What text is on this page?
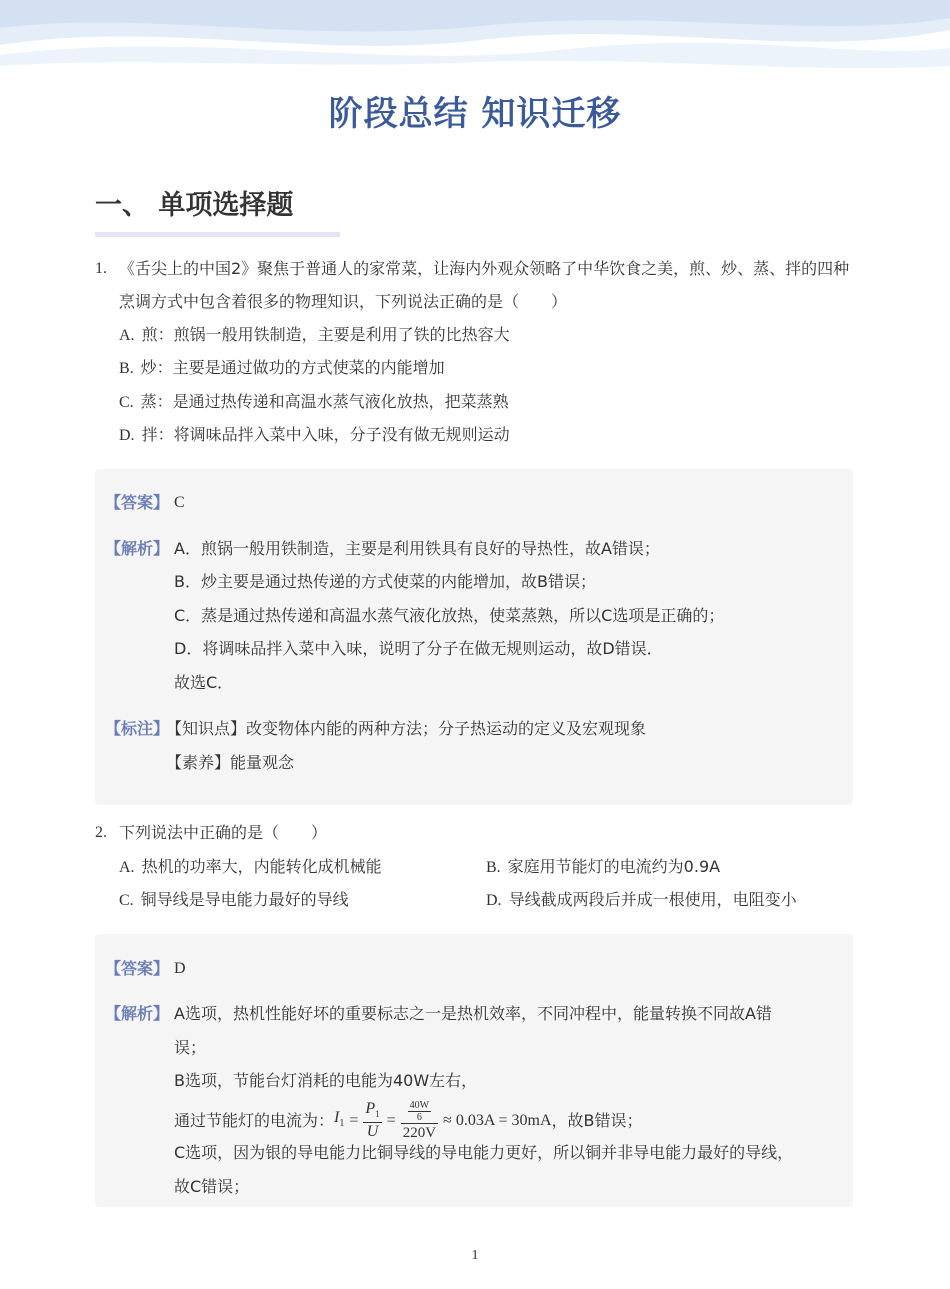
阶段总结 知识迁移
一、 单项选择题
1. 《舌尖上的中国2》聚焦于普通人的家常菜，让海内外观众领略了中华饮食之美，煎、炒、蒸、拌的四种烹调方式中包含着很多的物理知识，下列说法正确的是（　　）
A. 煎：煎锅一般用铁制造，主要是利用了铁的比热容大
B. 炒：主要是通过做功的方式使菜的内能增加
C. 蒸：是通过热传递和高温水蒸气液化放热，把菜蒸熟
D. 拌：将调味品拌入菜中入味，分子没有做无规则运动
【答案】 C
【解析】 A．煎锅一般用铁制造，主要是利用铁具有良好的导热性，故A错误；
B．炒主要是通过热传递的方式使菜的内能增加，故B错误；
C．蒸是通过热传递和高温水蒸气液化放热，使菜蒸熟，所以C选项是正确的；
D．将调味品拌入菜中入味，说明了分子在做无规则运动，故D错误．
故选C．
【标注】
【知识点】改变物体内能的两种方法；分子热运动的定义及宏观现象
【素养】能量观念
2. 下列说法中正确的是（　　）
A. 热机的功率大，内能转化成机械能	B. 家庭用节能灯的电流约为0.9A
C. 铜导线是导电能力最好的导线	D. 导线截成两段后并成一根使用，电阻变小
【答案】 D
【解析】 A选项，热机性能好坏的重要标志之一是热机效率，不同冲程中，能量转换不同故A错
误；
B选项，节能台灯消耗的电能为40W左右，
通过节能灯的电流为： $I_1 = \frac{P_1}{U} = \frac{\frac{40W}{6}}{220V} \approx 0.03A = 30mA$ ，故B错误；
C选项，因为银的导电能力比铜导线的导电能力更好，所以铜并非导电能力最好的导线，
故C错误；
1
